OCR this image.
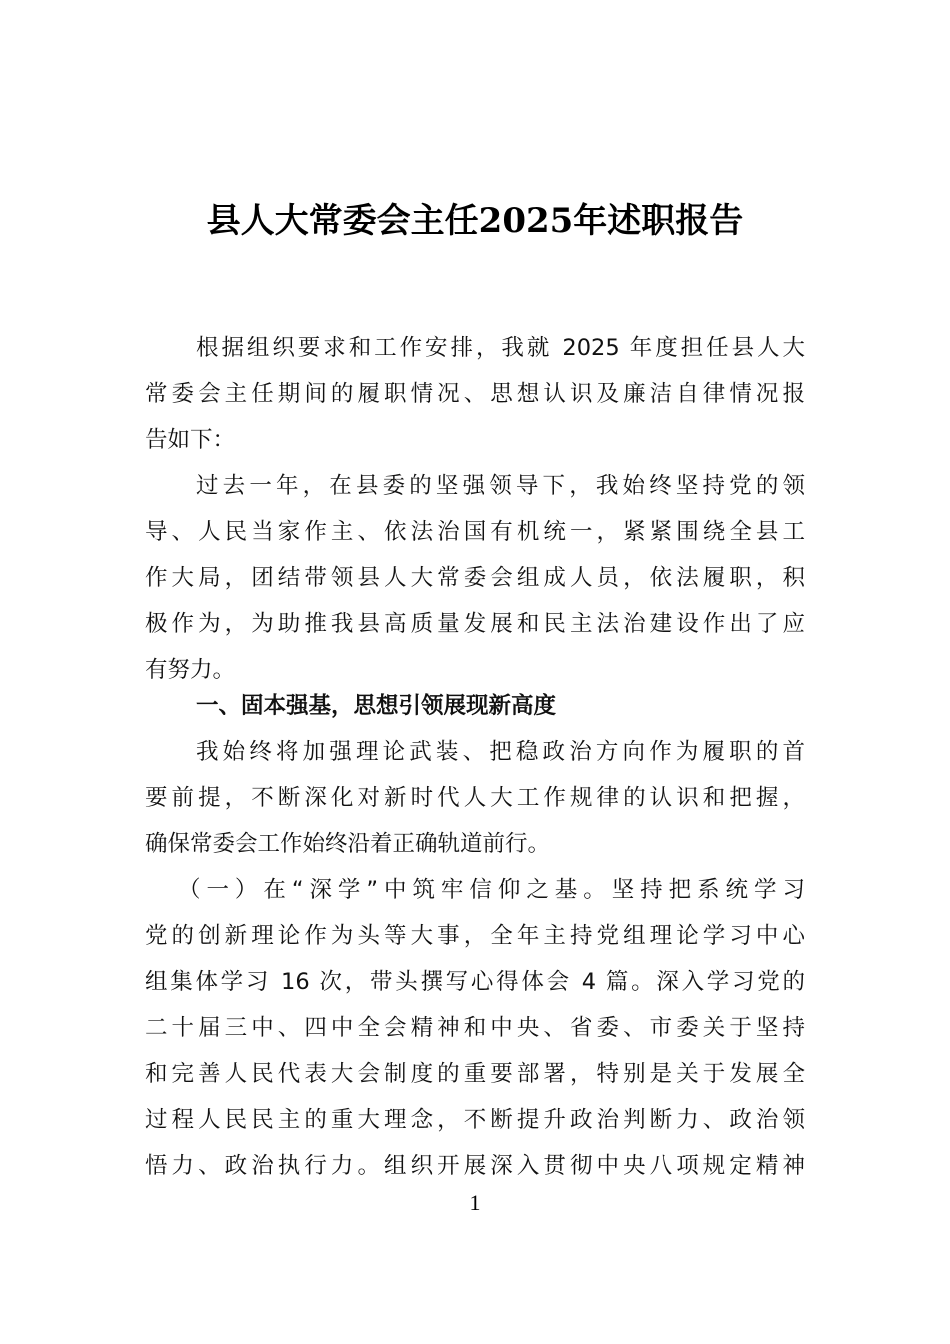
县人大常委会主任2025年述职报告
根据组织要求和工作安排，我就 2025 年度担任县人大
常委会主任期间的履职情况、思想认识及廉洁自律情况报
告如下：
过去一年，在县委的坚强领导下，我始终坚持党的领
导、人民当家作主、依法治国有机统一，紧紧围绕全县工
作大局，团结带领县人大常委会组成人员，依法履职，积
极作为，为助推我县高质量发展和民主法治建设作出了应
有努力。
一、固本强基，思想引领展现新高度
我始终将加强理论武装、把稳政治方向作为履职的首
要前提，不断深化对新时代人大工作规律的认识和把握，
确保常委会工作始终沿着正确轨道前行。
（一）在“深学”中筑牢信仰之基。坚持把系统学习
党的创新理论作为头等大事，全年主持党组理论学习中心
组集体学习 16 次，带头撰写心得体会 4 篇。深入学习党的
二十届三中、四中全会精神和中央、省委、市委关于坚持
和完善人民代表大会制度的重要部署，特别是关于发展全
过程人民民主的重大理念，不断提升政治判断力、政治领
悟力、政治执行力。组织开展深入贯彻中央八项规定精神
1
